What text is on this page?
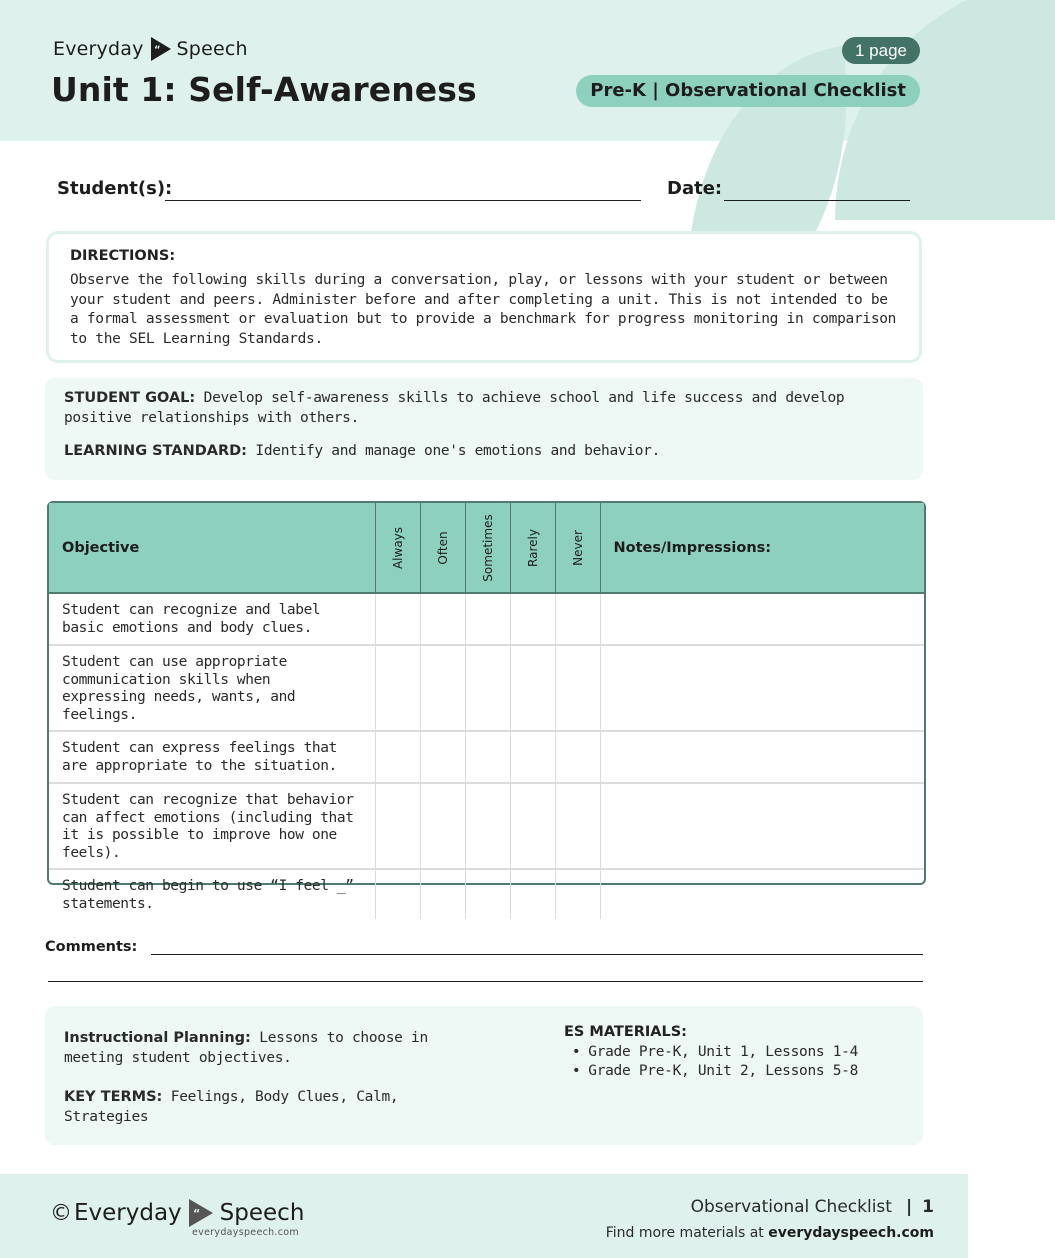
Everyday “ Speech
Unit 1: Self-Awareness
1 page
Pre-K | Observational Checklist
Student(s):	Date:
DIRECTIONS:

Observe the following skills during a conversation, play, or lessons with your student or between your student and peers. Administer before and after completing a unit. This is not intended to be a formal assessment or evaluation but to provide a benchmark for progress monitoring in comparison to the SEL Learning Standards.

STUDENT GOAL: Develop self-awareness skills to achieve school and life success and develop positive relationships with others.

LEARNING STANDARD: Identify and manage one's emotions and behavior.

Objective	Always	Often	Sometimes	Rarely	Never	Notes/Impressions:
Student can recognize and label basic emotions and body clues.						
Student can use appropriate communication skills when expressing needs, wants, and feelings.						
Student can express feelings that are appropriate to the situation.						
Student can recognize that behavior can affect emotions (including that it is possible to improve how one feels).						
Student can begin to use “I feel _” statements.						
Comments:

Instructional Planning: Lessons to choose in meeting student objectives.

KEY TERMS: Feelings, Body Clues, Calm, Strategies

ES MATERIALS:
• Grade Pre-K, Unit 1, Lessons 1-4
• Grade Pre-K, Unit 2, Lessons 5-8
© Everyday “ Speech
everydayspeech.com
Observational Checklist | 1
Find more materials at everydayspeech.com
